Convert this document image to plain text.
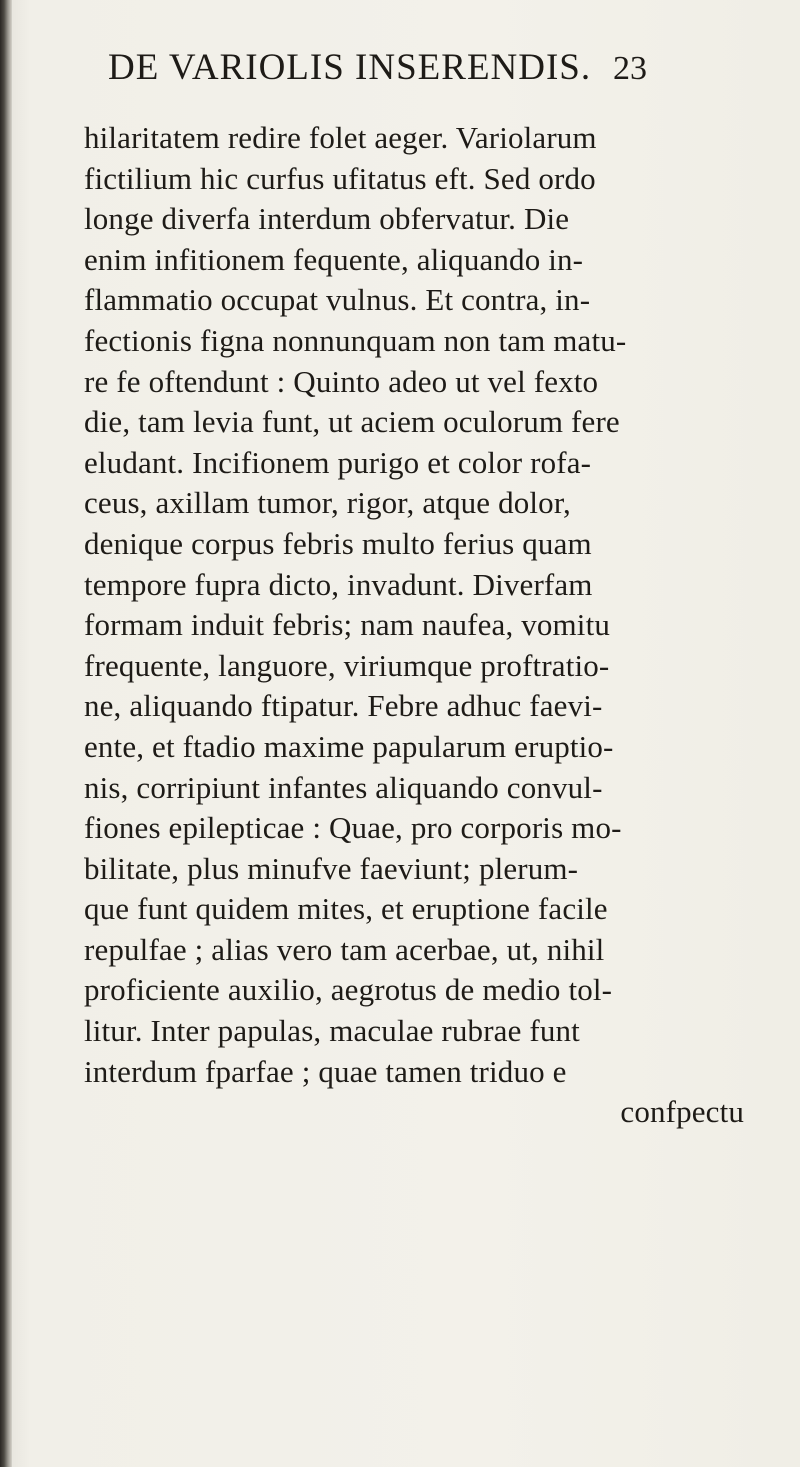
DE VARIOLIS INSERENDIS. 23
hilaritatem redire folet aeger. Variolarum
fictilium hic curfus ufitatus eft. Sed ordo
longe diverfa interdum obfervatur. Die
enim infitionem fequente, aliquando in-
flammatio occupat vulnus. Et contra, in-
fectionis figna nonnunquam non tam matu-
re fe oftendunt : Quinto adeo ut vel fexto
die, tam levia funt, ut aciem oculorum fere
eludant. Incifionem purigo et color rofa-
ceus, axillam tumor, rigor, atque dolor,
denique corpus febris multo ferius quam
tempore fupra dicto, invadunt. Diverfam
formam induit febris; nam naufea, vomitu
frequente, languore, viriumque proftratio-
ne, aliquando ftipatur. Febre adhuc faevi-
ente, et ftadio maxime papularum eruptio-
nis, corripiunt infantes aliquando convul-
fiones epilepticae : Quae, pro corporis mo-
bilitate, plus minufve faeviunt; plerum-
que funt quidem mites, et eruptione facile
repulfae ; alias vero tam acerbae, ut, nihil
proficiente auxilio, aegrotus de medio tol-
litur. Inter papulas, maculae rubrae funt
interdum fparfae ; quae tamen triduo e
confpectu
